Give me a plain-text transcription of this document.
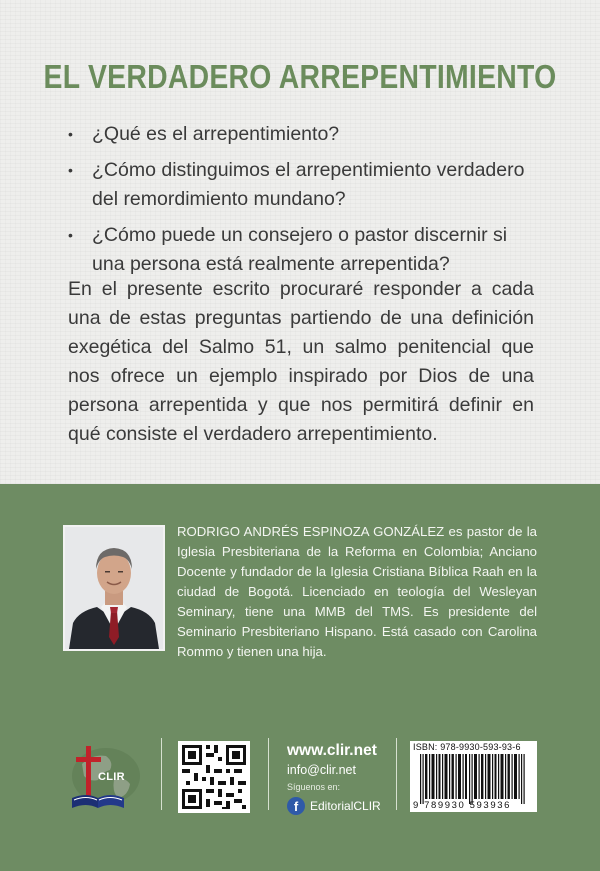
EL VERDADERO ARREPENTIMIENTO
• ¿Qué es el arrepentimiento?
• ¿Cómo distinguimos el arrepentimiento verdadero del remordimiento mundano?
• ¿Cómo puede un consejero o pastor discernir si una persona está realmente arrepentida?
En el presente escrito procuraré responder a cada una de estas preguntas partiendo de una definición exegética del Salmo 51, un salmo penitencial que nos ofrece un ejemplo inspirado por Dios de una persona arrepentida y que nos permitirá definir en qué consiste el verdadero arrepentimiento.
RODRIGO ANDRÉS ESPINOZA GONZÁLEZ es pastor de la Iglesia Presbiteriana de la Reforma en Colombia; Anciano Docente y fundador de la Iglesia Cristiana Bíblica Raah en la ciudad de Bogotá. Licenciado en teología del Wesleyan Seminary, tiene una MMB del TMS. Es presidente del Seminario Presbiteriano Hispano. Está casado con Carolina Rommo y tienen una hija.
CLIR
www.clir.net
info@clir.net
Síguenos en:
f EditorialCLIR
ISBN: 978-9930-593-93-6
9 789930 593936
